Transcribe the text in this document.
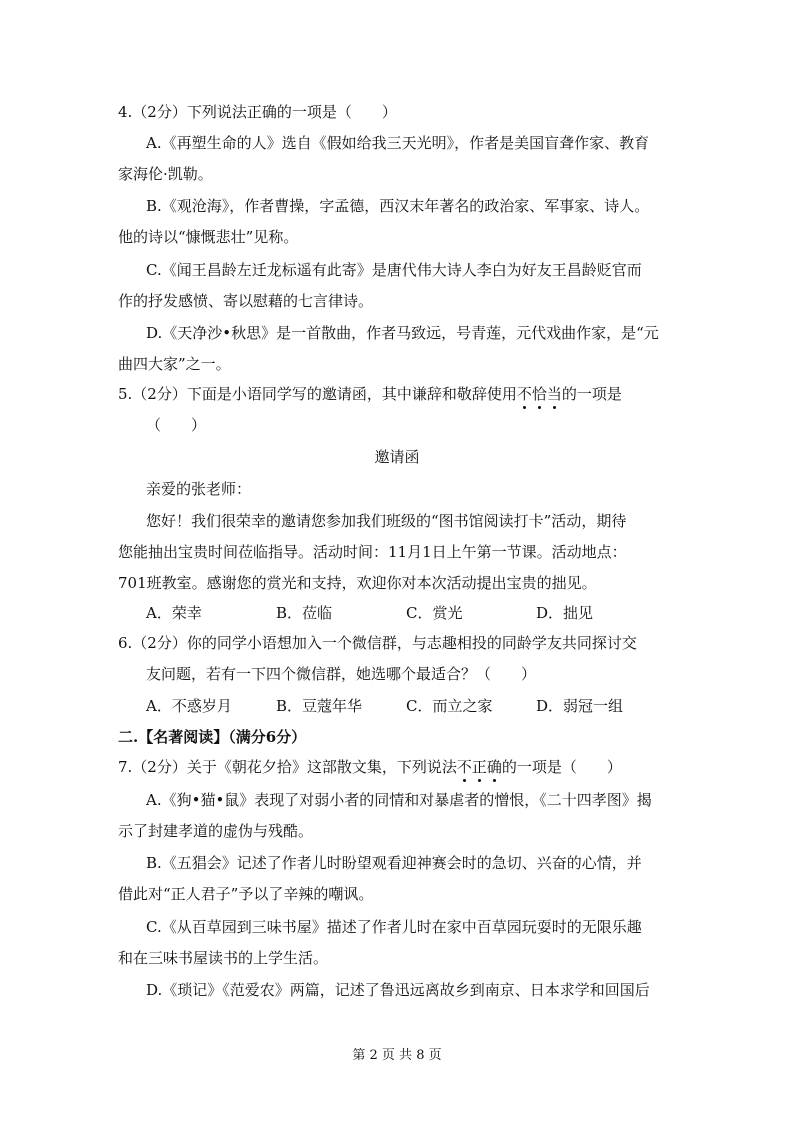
4.（2分）下列说法正确的一项是（　　）
A.《再塑生命的人》选自《假如给我三天光明》，作者是美国盲聋作家、教育
家海伦·凯勒。
B.《观沧海》，作者曹操，字孟德，西汉末年著名的政治家、军事家、诗人。
他的诗以“慷慨悲壮”见称。
C.《闻王昌龄左迁龙标遥有此寄》是唐代伟大诗人李白为好友王昌龄贬官而
作的抒发感愤、寄以慰藉的七言律诗。
D.《天净沙•秋思》是一首散曲，作者马致远，号青莲，元代戏曲作家，是“元
曲四大家”之一。
5.（2分）下面是小语同学写的邀请函，其中谦辞和敬辞使用不恰当的一项是
（　　）
邀请函
亲爱的张老师：
您好！我们很荣幸的邀请您参加我们班级的“图书馆阅读打卡”活动，期待
您能抽出宝贵时间莅临指导。活动时间：11月1日上午第一节课。活动地点：
701班教室。感谢您的赏光和支持，欢迎你对本次活动提出宝贵的拙见。
A．荣幸	B．莅临	C．赏光	D．拙见
6.（2分）你的同学小语想加入一个微信群，与志趣相投的同龄学友共同探讨交
友问题，若有一下四个微信群，她选哪个最适合？（　　）
A．不惑岁月	B．豆蔻年华	C．而立之家	D．弱冠一组
二.【名著阅读】（满分6分）
7.（2分）关于《朝花夕拾》这部散文集，下列说法不正确的一项是（　　）
A.《狗•猫•鼠》表现了对弱小者的同情和对暴虐者的憎恨，《二十四孝图》揭
示了封建孝道的虚伪与残酷。
B.《五猖会》记述了作者儿时盼望观看迎神赛会时的急切、兴奋的心情，并
借此对“正人君子”予以了辛辣的嘲讽。
C.《从百草园到三味书屋》描述了作者儿时在家中百草园玩耍时的无限乐趣
和在三味书屋读书的上学生活。
D.《琐记》《范爱农》两篇，记述了鲁迅远离故乡到南京、日本求学和回国后
第 2 页 共 8 页
